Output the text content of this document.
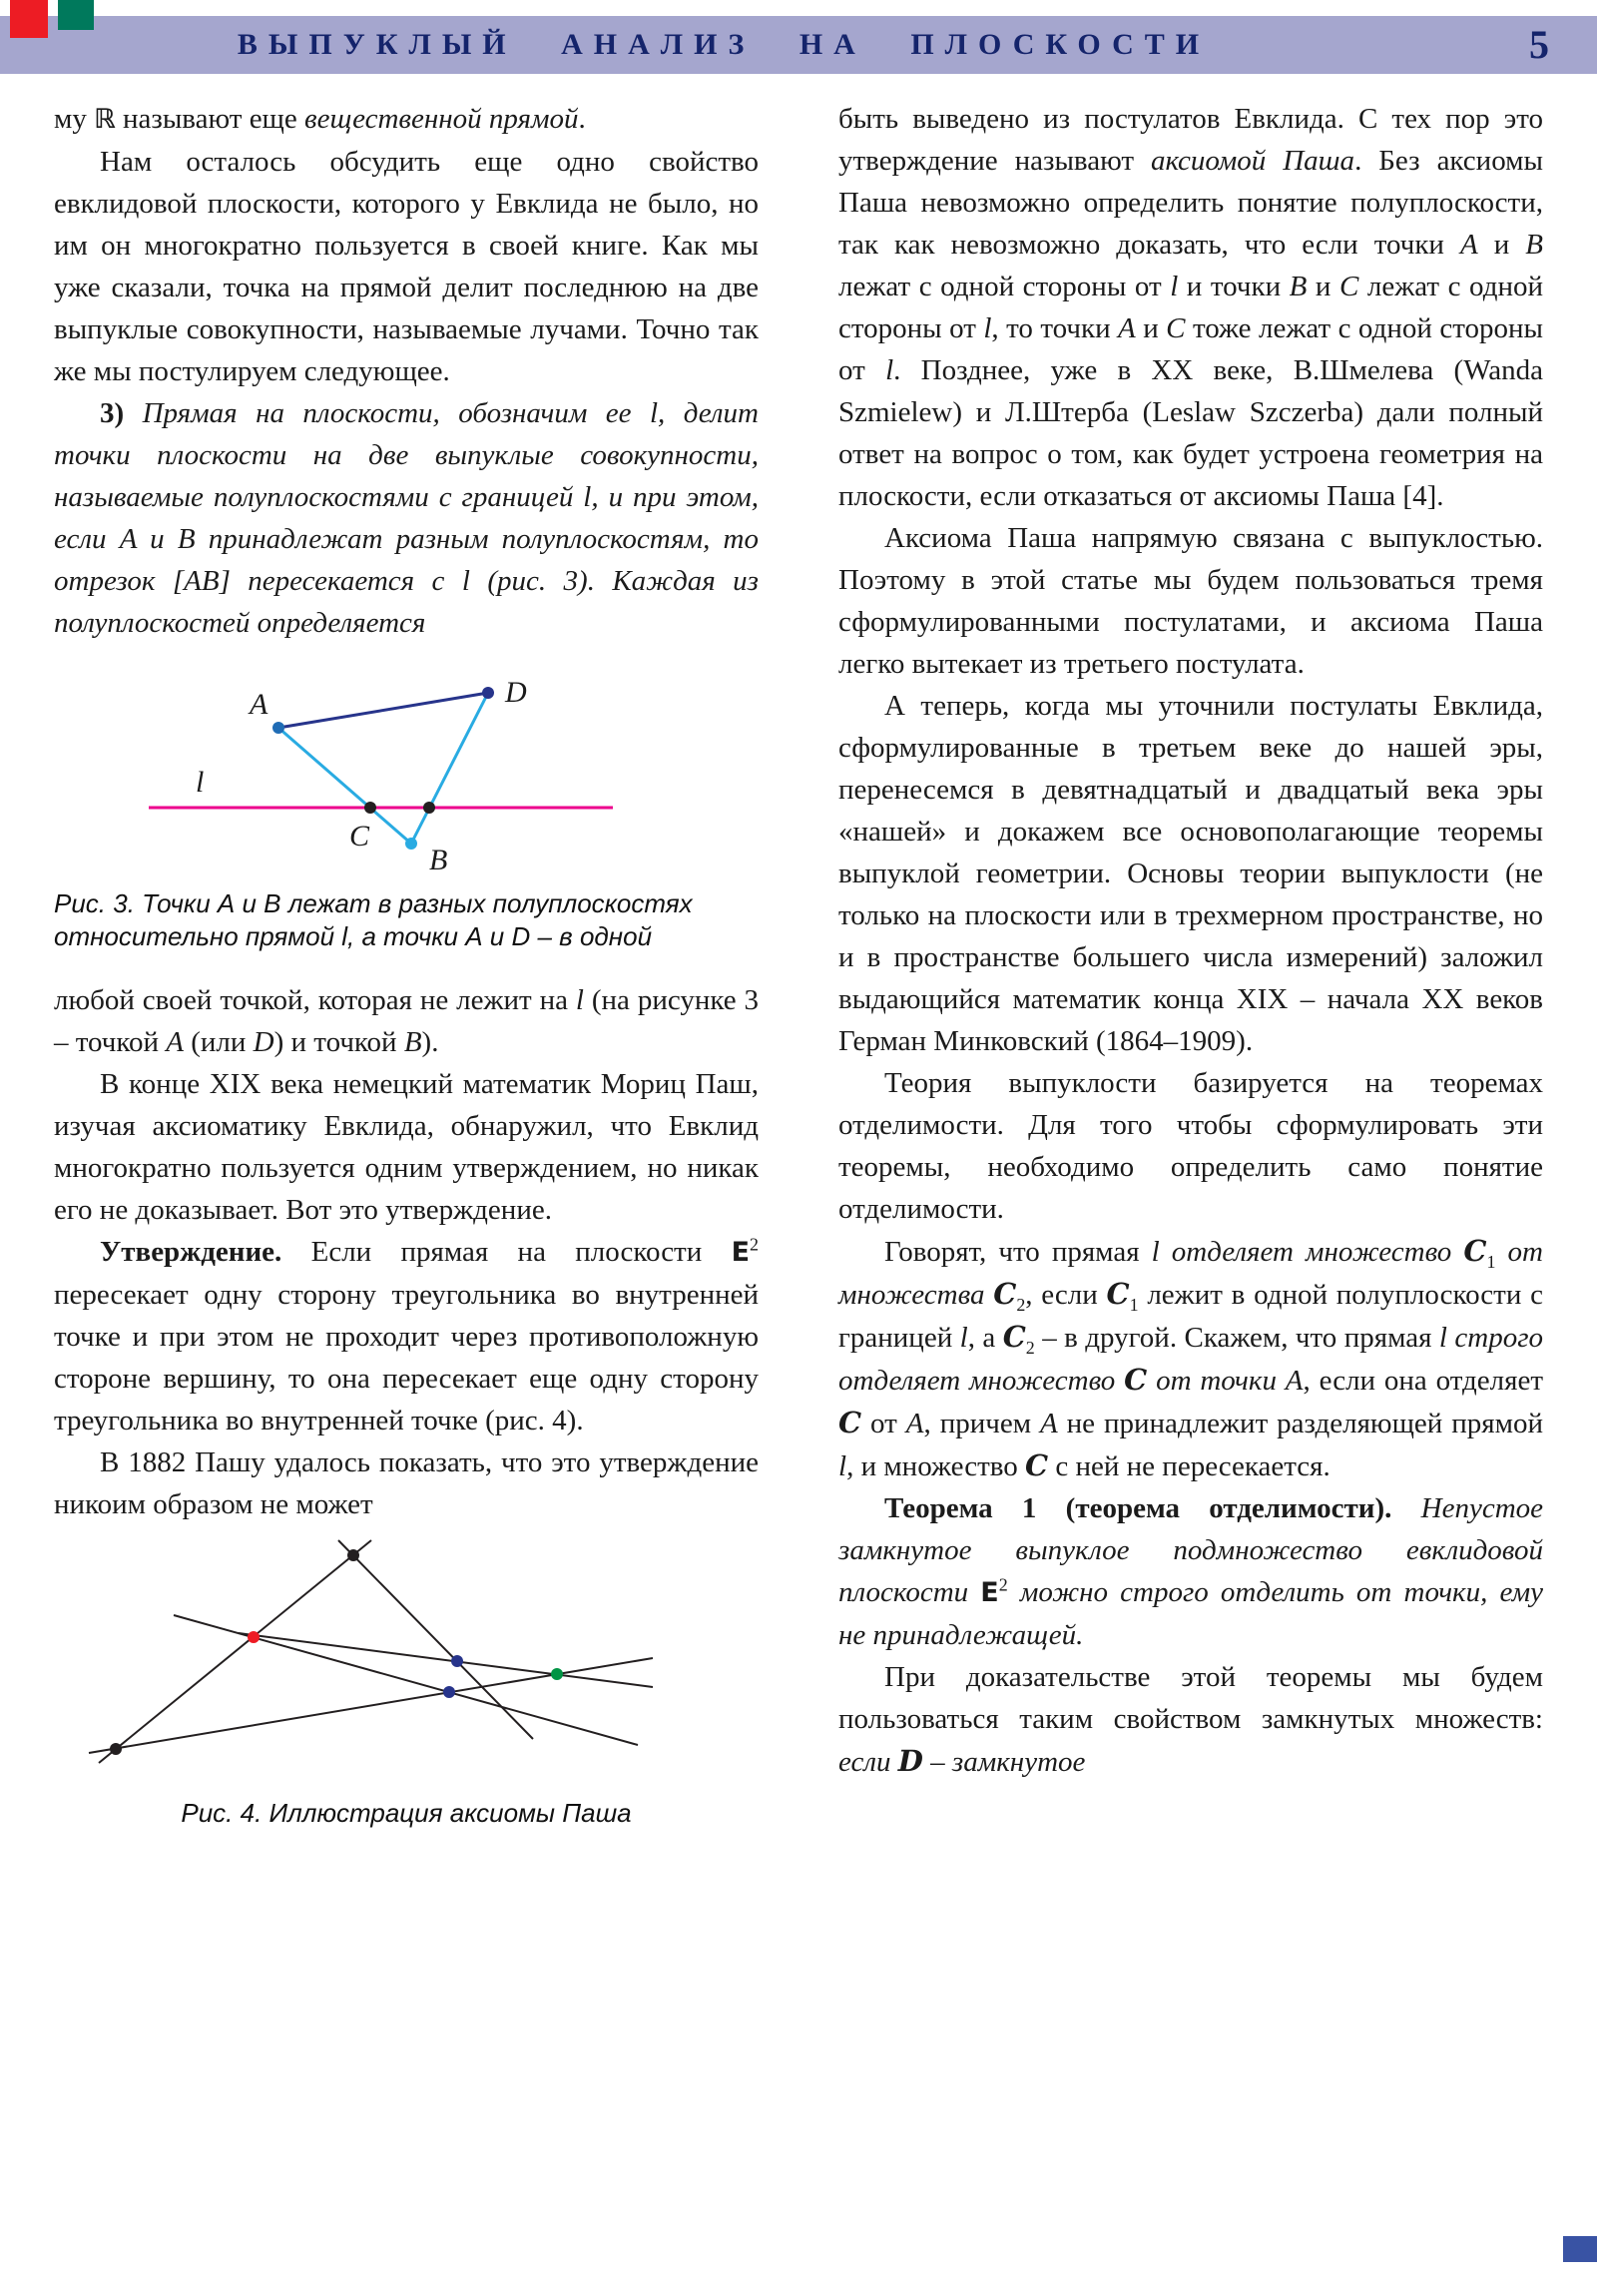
ВЫПУКЛЫЙ АНАЛИЗ НА ПЛОСКОСТИ	5

му ℝ называют еще вещественной прямой.

Нам осталось обсудить еще одно свойство евклидовой плоскости, которого у Евклида не было, но им он многократно пользуется в своей книге. Как мы уже сказали, точка на прямой делит последнюю на две выпуклые совокупности, называемые лучами. Точно так же мы постулируем следующее.

3) Прямая на плоскости, обозначим ее l, делит точки плоскости на две выпуклые совокупности, называемые полуплоскостями с границей l, и при этом, если A и B принадлежат разным полуплоскостям, то отрезок [AB] пересекается с l (рис. 3). Каждая из полуплоскостей определяется

A	D
B
C
l
Рис. 3. Точки А и В лежат в разных полуплоскостях относительно прямой l, а точки А и D – в одной

любой своей точкой, которая не лежит на l (на рисунке 3 – точкой A (или D) и точкой B).

В конце XIX века немецкий математик Мориц Паш, изучая аксиоматику Евклида, обнаружил, что Евклид многократно пользуется одним утверждением, но никак его не доказывает. Вот это утверждение.

Утверждение. Если прямая на плоскости $E^2$ пересекает одну сторону треугольника во внутренней точке и при этом не проходит через противоположную стороне вершину, то она пересекает еще одну сторону треугольника во внутренней точке (рис. 4).

В 1882 Пашу удалось показать, что это утверждение никоим образом не может

Рис. 4. Иллюстрация аксиомы Паша

быть выведено из постулатов Евклида. С тех пор это утверждение называют аксиомой Паша. Без аксиомы Паша невозможно определить понятие полуплоскости, так как невозможно доказать, что если точки A и B лежат с одной стороны от l и точки B и C лежат с одной стороны от l, то точки A и C тоже лежат с одной стороны от l. Позднее, уже в XX веке, В.Шмелева (Wanda Szmielew) и Л.Штерба (Leslaw Szczerba) дали полный ответ на вопрос о том, как будет устроена геометрия на плоскости, если отказаться от аксиомы Паша [4].

Аксиома Паша напрямую связана с выпуклостью. Поэтому в этой статье мы будем пользоваться тремя сформулированными постулатами, и аксиома Паша легко вытекает из третьего постулата.

А теперь, когда мы уточнили постулаты Евклида, сформулированные в третьем веке до нашей эры, перенесемся в девятнадцатый и двадцатый века эры «нашей» и докажем все основополагающие теоремы выпуклой геометрии. Основы теории выпуклости (не только на плоскости или в трехмерном пространстве, но и в пространстве большего числа измерений) заложил выдающийся математик конца XIX – начала XX веков Герман Минковский (1864–1909).

Теория выпуклости базируется на теоремах отделимости. Для того чтобы сформулировать эти теоремы, необходимо определить само понятие отделимости.

Говорят, что прямая l отделяет множество $C_1$ от множества $C_2$, если $C_1$ лежит в одной полуплоскости с границей l, а $C_2$ – в другой. Скажем, что прямая l строго отделяет множество C от точки A, если она отделяет C от A, причем A не принадлежит разделяющей прямой l, и множество C с ней не пересекается.

Теорема 1 (теорема отделимости). Непустое замкнутое выпуклое подмножество евклидовой плоскости $E^2$ можно строго отделить от точки, ему не принадлежащей.

При доказательстве этой теоремы мы будем пользоваться таким свойством замкнутых множеств: если D – замкнутое
